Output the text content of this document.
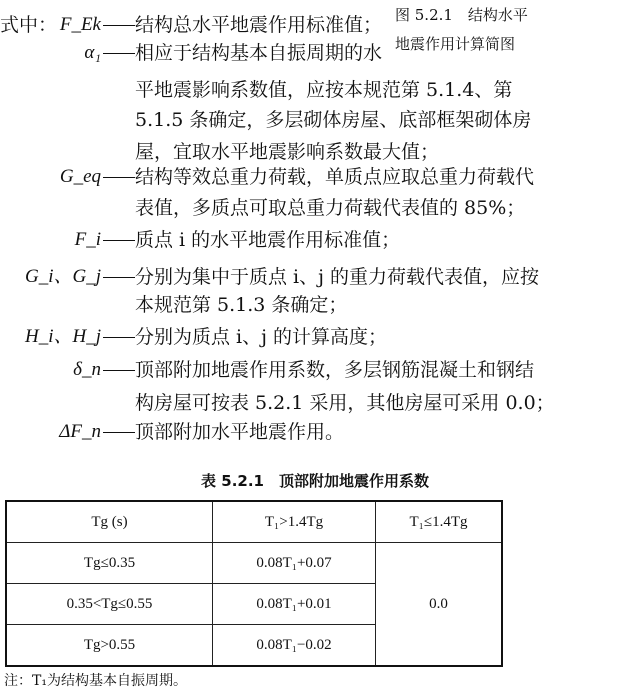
式中：	图 5.2.1　结构水平
地震作用计算简图
F_Ek	结构总水平地震作用标准值；
α₁	相应于结构基本自振周期的水
平地震影响系数值，应按本规范第 5.1.4、第
5.1.5 条确定，多层砌体房屋、底部框架砌体房
屋，宜取水平地震影响系数最大值；
G_eq	结构等效总重力荷载，单质点应取总重力荷载代
表值，多质点可取总重力荷载代表值的 85%；
F_i	质点 i 的水平地震作用标准值；
G_i、G_j	分别为集中于质点 i、j 的重力荷载代表值，应按
本规范第 5.1.3 条确定；
H_i、H_j	分别为质点 i、j 的计算高度；
δ_n	顶部附加地震作用系数，多层钢筋混凝土和钢结
构房屋可按表 5.2.1 采用，其他房屋可采用 0.0；
ΔF_n	顶部附加水平地震作用。
表 5.2.1　顶部附加地震作用系数
Tg (s)	T₁>1.4Tg	T₁≤1.4Tg
Tg≤0.35	0.08T₁+0.07	0.0
0.35<Tg≤0.55	0.08T₁+0.01	
Tg>0.55	0.08T₁−0.02	
注：T₁为结构基本自振周期。
